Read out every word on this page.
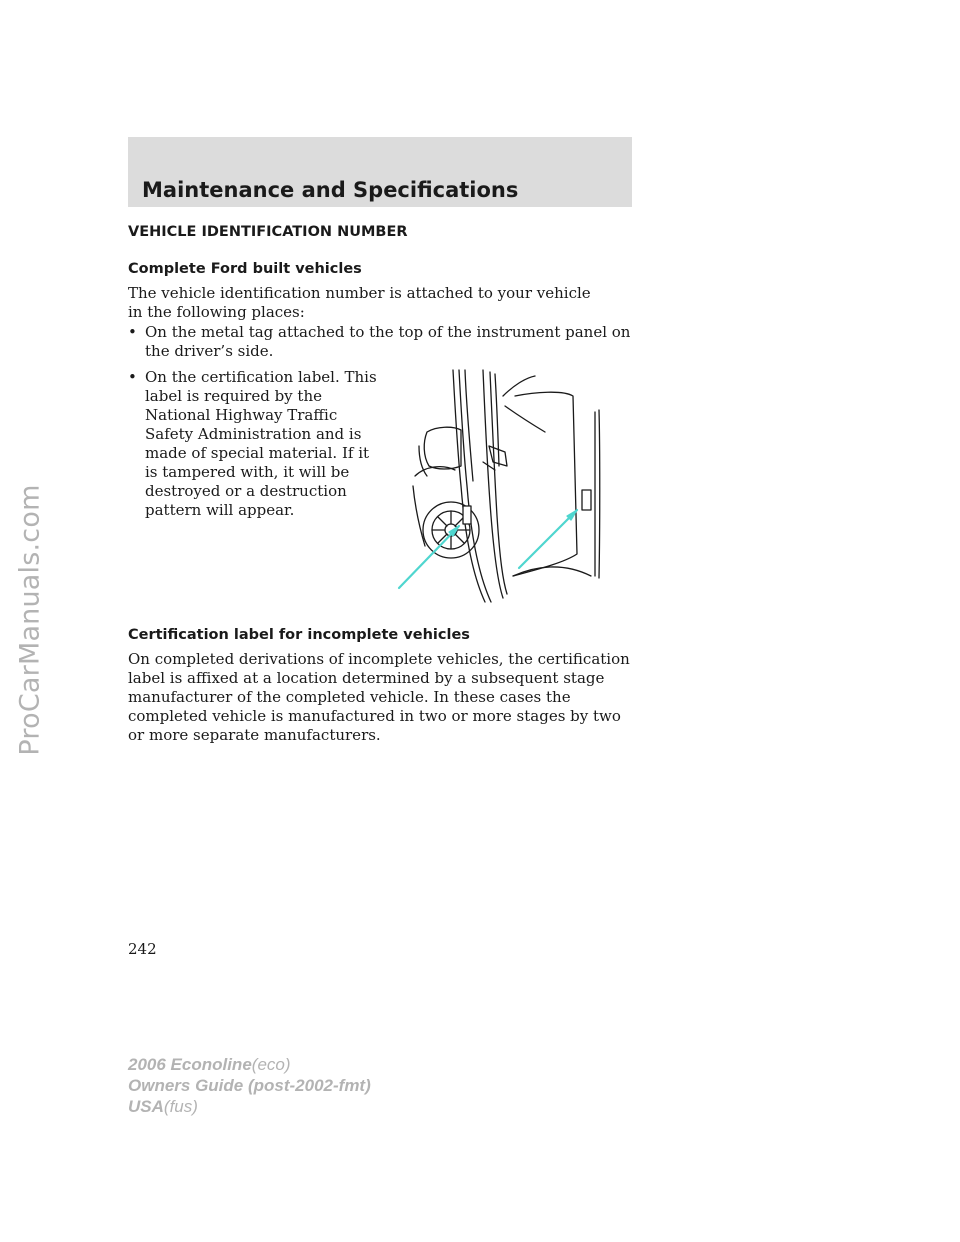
ProCarManuals.com
Maintenance and Specifications
VEHICLE IDENTIFICATION NUMBER
Complete Ford built vehicles

The vehicle identification number is attached to your vehicle in the following places:

• On the metal tag attached to the top of the instrument panel on the driver’s side.
• On the certification label. This label is required by the National Highway Traffic Safety Administration and is made of special material. If it is tampered with, it will be destroyed or a destruction pattern will appear.
Certification label for incomplete vehicles

On completed derivations of incomplete vehicles, the certification label is affixed at a location determined by a subsequent stage manufacturer of the completed vehicle. In these cases the completed vehicle is manufactured in two or more stages by two or more separate manufacturers.

242

2006 Econoline(eco)
Owners Guide (post-2002-fmt)
USA(fus)
